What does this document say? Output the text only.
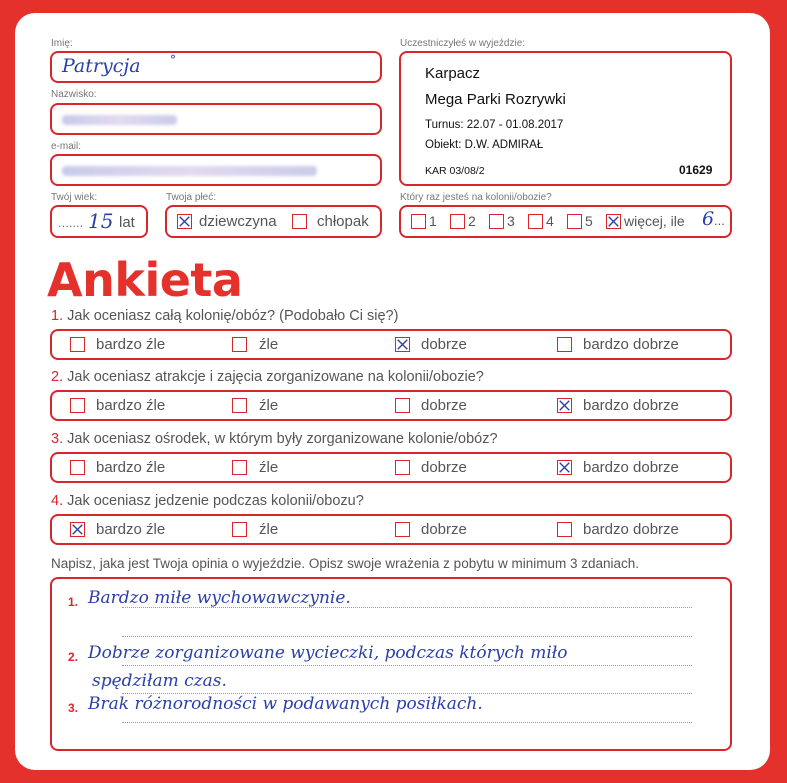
Imię:
Patrycja °
Nazwisko:
e-mail:
Twój wiek:
....... 15 lat
Twoja płeć:
dziewczyna	chłopak
Uczestniczyłeś w wyjeździe:
Karpacz
Mega Parki Rozrywki
Turnus: 22.07 - 01.08.2017
Obiekt: D.W. ADMIRAŁ
KAR 03/08/2	01629
Który raz jesteś na kolonii/obozie?
1 2 3 4 5 więcej, ile 6 ...
Ankieta
1. Jak oceniasz całą kolonię/obóz? (Podobało Ci się?)
bardzo źle	źle	dobrze	bardzo dobrze
2. Jak oceniasz atrakcje i zajęcia zorganizowane na kolonii/obozie?
bardzo źle	źle	dobrze	bardzo dobrze
3. Jak oceniasz ośrodek, w którym były zorganizowane kolonie/obóz?
bardzo źle	źle	dobrze	bardzo dobrze
4. Jak oceniasz jedzenie podczas kolonii/obozu?
bardzo źle	źle	dobrze	bardzo dobrze
Napisz, jaka jest Twoja opinia o wyjeździe. Opisz swoje wrażenia z pobytu w minimum 3 zdaniach.
1. Bardzo miłe wychowawczynie.
2. Dobrze zorganizowane wycieczki, podczas których miło
spędziłam czas.
3. Brak różnorodności w podawanych posiłkach.
